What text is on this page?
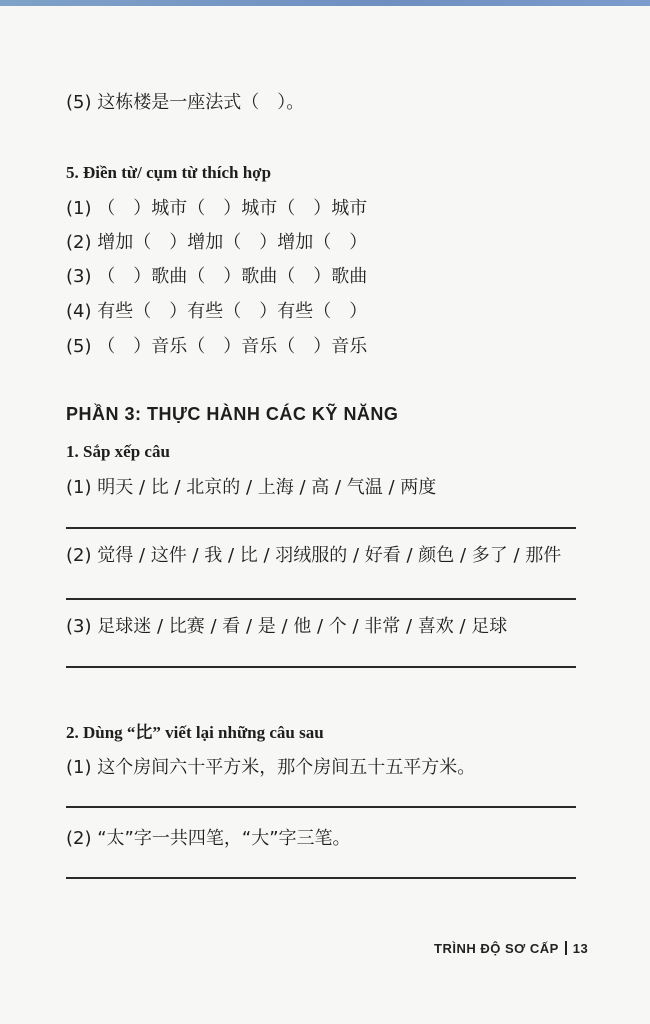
(5) 这栋楼是一座法式（　）。
5. Điền từ/ cụm từ thích hợp
(1) （　）城市（　）城市（　）城市
(2) 增加（　）增加（　）增加（　）
(3) （　）歌曲（　）歌曲（　）歌曲
(4) 有些（　）有些（　）有些（　）
(5) （　）音乐（　）音乐（　）音乐
PHẦN 3: THỰC HÀNH CÁC KỸ NĂNG
1. Sắp xếp câu
(1) 明天 / 比 / 北京的 / 上海 / 高 / 气温 / 两度
(2) 觉得 / 这件 / 我 / 比 / 羽绒服的 / 好看 / 颜色 / 多了 / 那件
(3) 足球迷 / 比赛 / 看 / 是 / 他 / 个 / 非常 / 喜欢 / 足球
2. Dùng “比” viết lại những câu sau
(1) 这个房间六十平方米，那个房间五十五平方米。
(2) “太”字一共四笔，“大”字三笔。
TRÌNH ĐỘ SƠ CẤP 13
